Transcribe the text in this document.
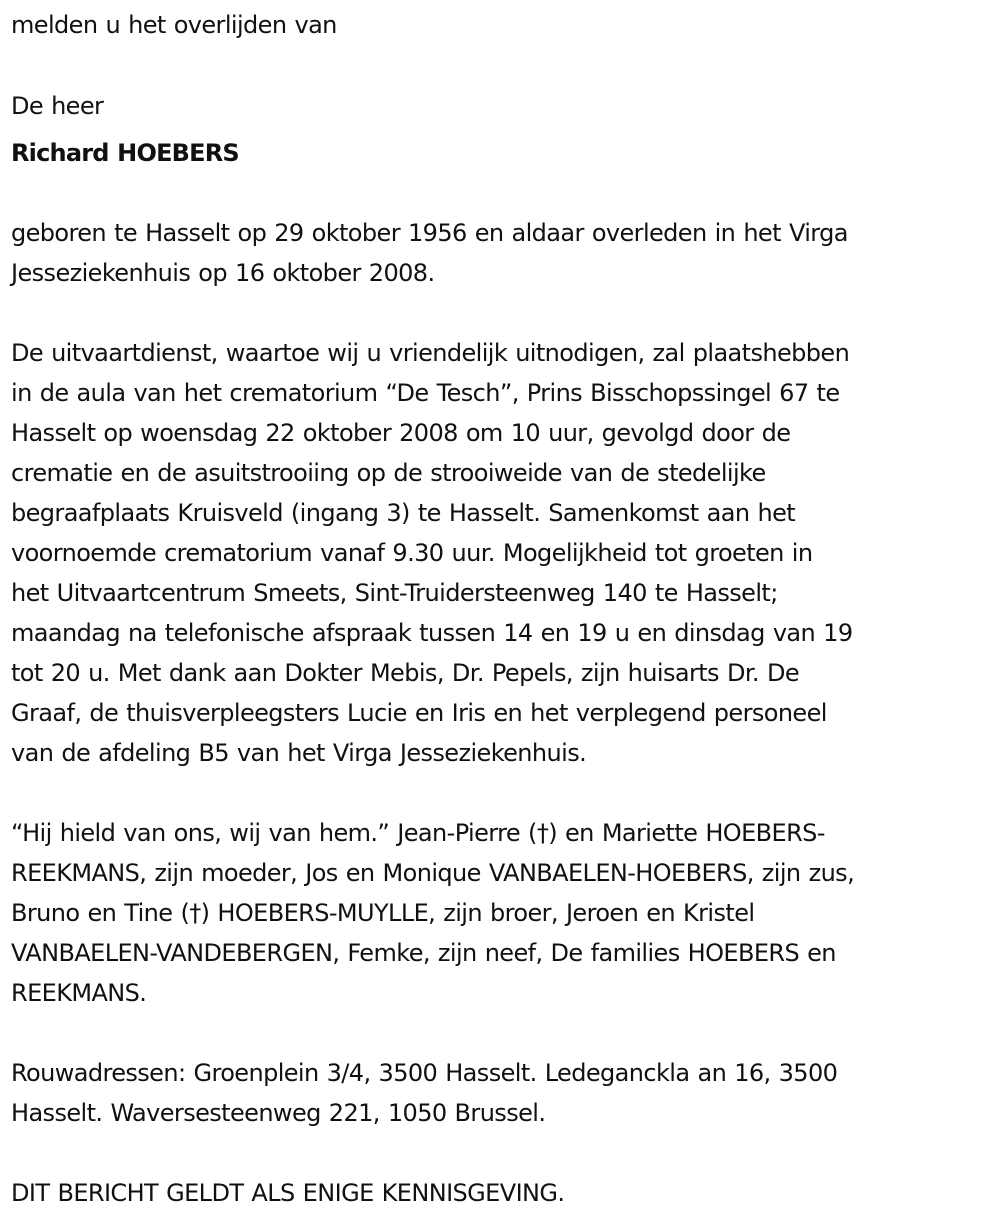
melden u het overlijden van
De heer
Richard HOEBERS
geboren te Hasselt op 29 oktober 1956 en aldaar overleden in het Virga
Jesseziekenhuis op 16 oktober 2008.
De uitvaartdienst, waartoe wij u vriendelijk uitnodigen, zal plaatshebben
in de aula van het crematorium “De Tesch”, Prins Bisschopssingel 67 te
Hasselt op woensdag 22 oktober 2008 om 10 uur, gevolgd door de
crematie en de asuitstrooiing op de strooiweide van de stedelijke
begraafplaats Kruisveld (ingang 3) te Hasselt. Samenkomst aan het
voornoemde crematorium vanaf 9.30 uur. Mogelijkheid tot groeten in
het Uitvaartcentrum Smeets, Sint-Truidersteenweg 140 te Hasselt;
maandag na telefonische afspraak tussen 14 en 19 u en dinsdag van 19
tot 20 u. Met dank aan Dokter Mebis, Dr. Pepels, zijn huisarts Dr. De
Graaf, de thuisverpleegsters Lucie en Iris en het verplegend personeel
van de afdeling B5 van het Virga Jesseziekenhuis.
“Hij hield van ons, wij van hem.” Jean-Pierre (†) en Mariette HOEBERS-
REEKMANS, zijn moeder, Jos en Monique VANBAELEN-HOEBERS, zijn zus,
Bruno en Tine (†) HOEBERS-MUYLLE, zijn broer, Jeroen en Kristel
VANBAELEN-VANDEBERGEN, Femke, zijn neef, De families HOEBERS en
REEKMANS.
Rouwadressen: Groenplein 3/4, 3500 Hasselt. Ledeganckla an 16, 3500
Hasselt. Waversesteenweg 221, 1050 Brussel.
DIT BERICHT GELDT ALS ENIGE KENNISGEVING.
